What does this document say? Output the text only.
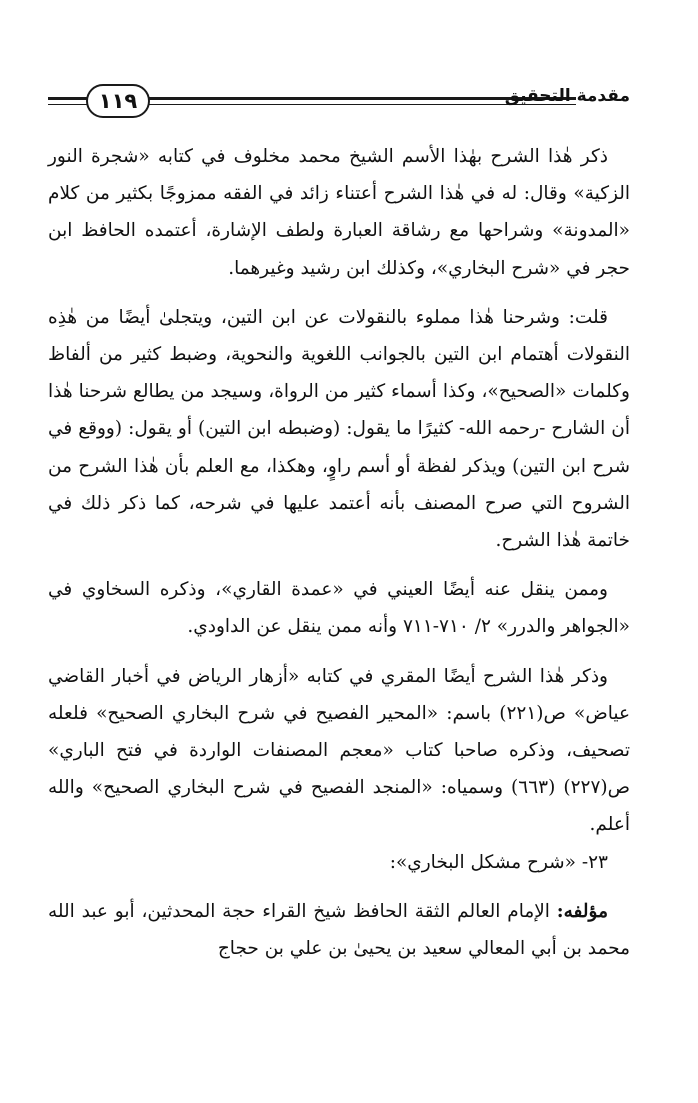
١١٩	مقدمة التحقيق

ذكر هٰذا الشرح بهٰذا الأسم الشيخ محمد مخلوف في كتابه «شجرة النور الزكية» وقال: له في هٰذا الشرح أعتناء زائد في الفقه ممزوجًا بكثير من كلام «المدونة» وشراحها مع رشاقة العبارة ولطف الإشارة، أعتمده الحافظ ابن حجر في «شرح البخاري»، وكذلك ابن رشيد وغيرهما.

قلت: وشرحنا هٰذا مملوء بالنقولات عن ابن التين، ويتجلىٰ أيضًا من هٰذِه النقولات أهتمام ابن التين بالجوانب اللغوية والنحوية، وضبط كثير من ألفاظ وكلمات «الصحيح»، وكذا أسماء كثير من الرواة، وسيجد من يطالع شرحنا هٰذا أن الشارح -رحمه الله- كثيرًا ما يقول: (وضبطه ابن التين) أو يقول: (ووقع في شرح ابن التين) ويذكر لفظة أو أسم راوٍ، وهكذا، مع العلم بأن هٰذا الشرح من الشروح التي صرح المصنف بأنه أعتمد عليها في شرحه، كما ذكر ذلك في خاتمة هٰذا الشرح.

وممن ينقل عنه أيضًا العيني في «عمدة القاري»، وذكره السخاوي في «الجواهر والدرر» ٢/ ٧١٠-٧١١ وأنه ممن ينقل عن الداودي.

وذكر هٰذا الشرح أيضًا المقري في كتابه «أزهار الرياض في أخبار القاضي عياض» ص(٢٢١) باسم: «المحير الفصيح في شرح البخاري الصحيح» فلعله تصحيف، وذكره صاحبا كتاب «معجم المصنفات الواردة في فتح الباري» ص(٢٢٧) (٦٦٣) وسمياه: «المنجد الفصيح في شرح البخاري الصحيح» والله أعلم.

٢٣- «شرح مشكل البخاري»:

مؤلفه: الإمام العالم الثقة الحافظ شيخ القراء حجة المحدثين، أبو عبد الله محمد بن أبي المعالي سعيد بن يحيىٰ بن علي بن حجاج
